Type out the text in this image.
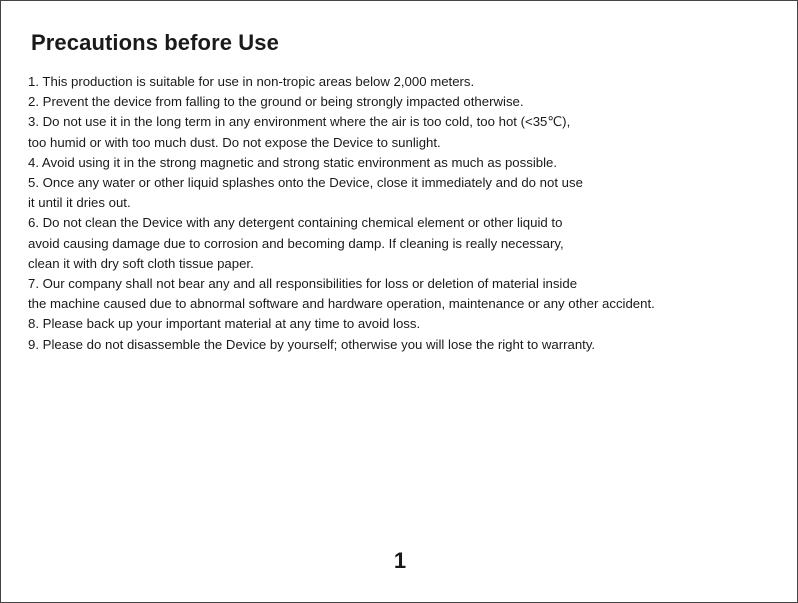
Precautions before Use

1. This production is suitable for use in non-tropic areas below 2,000 meters.

2. Prevent the device from falling to the ground or being strongly impacted otherwise.

3. Do not use it in the long term in any environment where the air is too cold, too hot (<35℃),

too humid or with too much dust. Do not expose the Device to sunlight.

4. Avoid using it in the strong magnetic and strong static environment as much as possible.

5. Once any water or other liquid splashes onto the Device, close it immediately and do not use

it until it dries out.

6. Do not clean the Device with any detergent containing chemical element or other liquid to

avoid causing damage due to corrosion and becoming damp. If cleaning is really necessary,

clean it with dry soft cloth tissue paper.

7. Our company shall not bear any and all responsibilities for loss or deletion of material inside

the machine caused due to abnormal software and hardware operation, maintenance or any other accident.

8. Please back up your important material at any time to avoid loss.

9. Please do not disassemble the Device by yourself; otherwise you will lose the right to warranty.

1
